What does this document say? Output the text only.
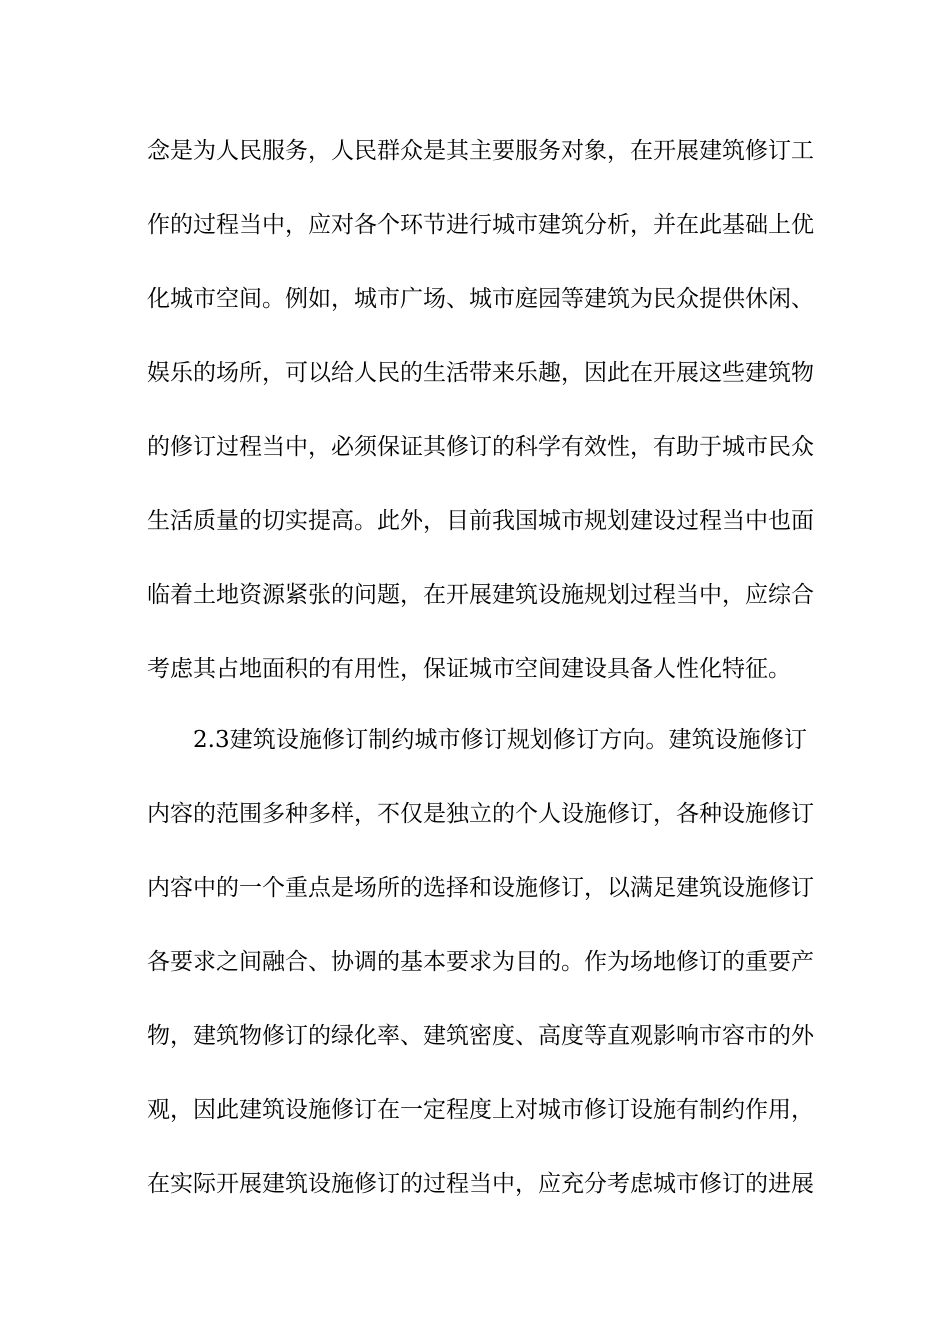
念是为人民服务，人民群众是其主要服务对象，在开展建筑修订工
作的过程当中，应对各个环节进行城市建筑分析，并在此基础上优
化城市空间。例如，城市广场、城市庭园等建筑为民众提供休闲、
娱乐的场所，可以给人民的生活带来乐趣，因此在开展这些建筑物
的修订过程当中，必须保证其修订的科学有效性，有助于城市民众
生活质量的切实提高。此外，目前我国城市规划建设过程当中也面
临着土地资源紧张的问题，在开展建筑设施规划过程当中，应综合
考虑其占地面积的有用性，保证城市空间建设具备人性化特征。
2.3建筑设施修订制约城市修订规划修订方向。建筑设施修订
内容的范围多种多样，不仅是独立的个人设施修订，各种设施修订
内容中的一个重点是场所的选择和设施修订，以满足建筑设施修订
各要求之间融合、协调的基本要求为目的。作为场地修订的重要产
物，建筑物修订的绿化率、建筑密度、高度等直观影响市容市的外
观，因此建筑设施修订在一定程度上对城市修订设施有制约作用，
在实际开展建筑设施修订的过程当中，应充分考虑城市修订的进展
